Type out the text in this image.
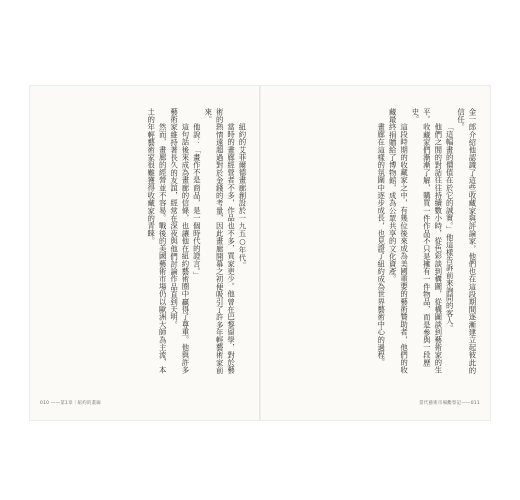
紐約的艾菲爾德畫廊創設於一九五○年代。

當時的畫廊經營者不多，作品也不多，買家更少。他曾在巴黎留學，對於藝術的熱情遠超過對於金錢的考量，因此畫廊開幕之初便吸引了許多年輕藝術家前來。

他說：「畫作不是商品，是一個時代的證言。」

這句話後來成為畫廊的信條，也讓他在紐約藝術圈中贏得了尊重。他與許多藝術家維持著長久的友誼，經常在深夜與他們討論作品直到天明。

然而，畫廊的經營並不容易。戰後的美國藝術市場仍以歐洲大師為主流，本土的年輕藝術家很難獲得收藏家的青睞。

010 ——第1章｜紐約的畫廊

金一郎介紹他認識了這些收藏家與評論家，他們也在這段期間逐漸建立起彼此的信任。

「這幅畫的價值在於它的誠實。」他這樣告訴前來詢問的客人。

他們之間的對話往往持續數小時，從色彩談到構圖，從構圖談到藝術家的生平。收藏家們漸漸了解，購買一件作品不只是擁有一件物品，而是參與一段歷史。

這段時期的收藏家之中，有幾位後來成為美國重要的藝術贊助者，他們的收藏最終捐贈給了博物館，成為公眾共享的文化資產。

畫廊在這樣的氛圍中逐步成長，也見證了紐約成為世界藝術中心的過程。

當代藝術市場觀察記——011
